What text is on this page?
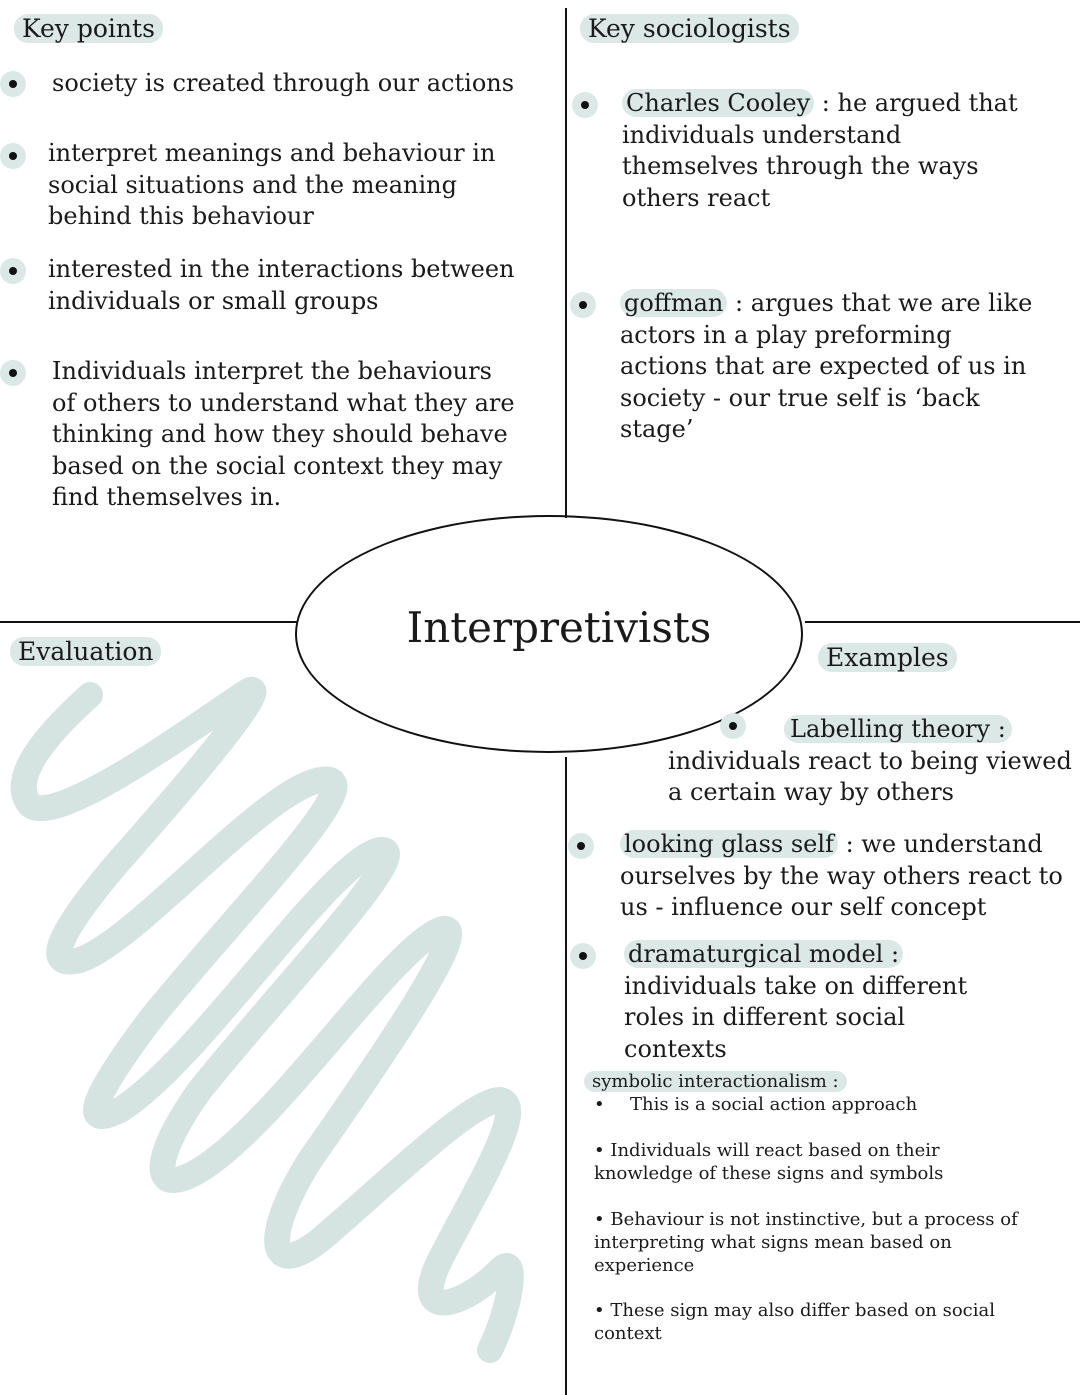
Interpretivists
Key points
society is created through our actions
interpret meanings and behaviour in social situations and the meaning behind this behaviour
interested in the interactions between individuals or small groups
Individuals interpret the behaviours of others to understand what they are thinking and how they should behave based on the social context they may find themselves in.
Key sociologists
Charles Cooley : he argued that individuals understand themselves through the ways others react
goffman : argues that we are like actors in a play preforming actions that are expected of us in society - our true self is ‘back stage’
Evaluation	Examples
Labelling theory :
individuals react to being viewed a certain way by others
looking glass self : we understand ourselves by the way others react to us - influence our self concept
dramaturgical model :
individuals take on different roles in different social contexts
symbolic interactionalism :
• This is a social action approach
• Individuals will react based on their knowledge of these signs and symbols
• Behaviour is not instinctive, but a process of interpreting what signs mean based on experience
• These sign may also differ based on social context
